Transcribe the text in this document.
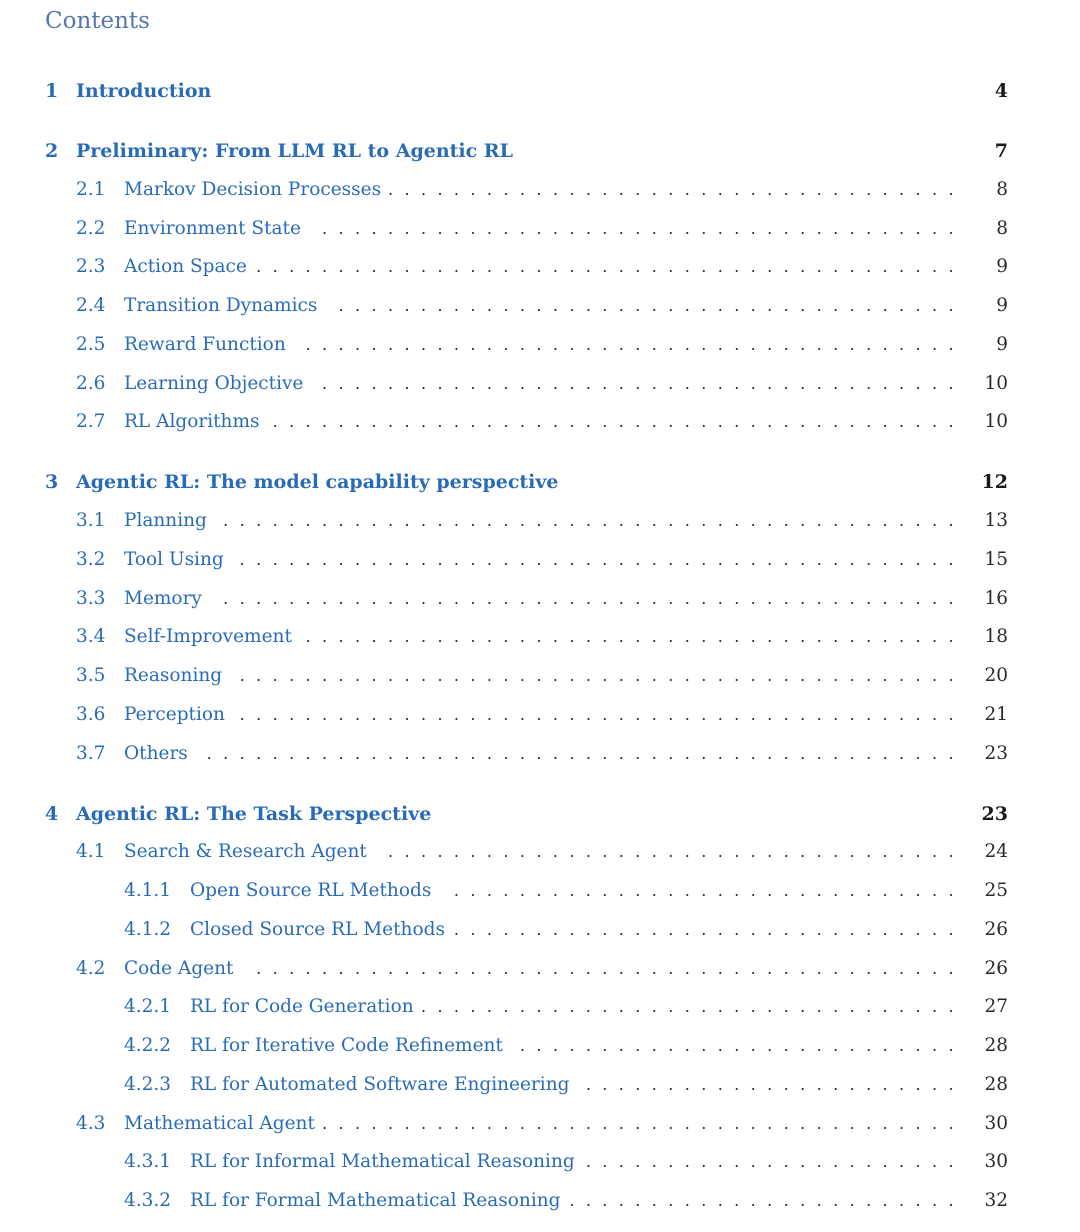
Contents
1 Introduction	4
2 Preliminary: From LLM RL to Agentic RL	7
2.1 Markov Decision Processes	8
...................................
2.2 Environment State	8
.......................................
2.3 Action Space	9
...........................................
2.4 Transition Dynamics	9
......................................
2.5 Reward Function	9
........................................
2.6 Learning Objective	10
.......................................
2.7 RL Algorithms	10
..........................................
3 Agentic RL: The model capability perspective	12
3.1 Planning	13
.............................................
3.2 Tool Using	15
............................................
3.3 Memory	16
.............................................
3.4 Self-Improvement	18
........................................
3.5 Reasoning	20
............................................
3.6 Perception	21
............................................
3.7 Others	23
..............................................
4 Agentic RL: The Task Perspective	23
4.1 Search & Research Agent	24
...................................
4.1.1 Open Source RL Methods	25
...............................
4.1.2 Closed Source RL Methods	26
...............................
4.2 Code Agent	26
...........................................
4.2.1 RL for Code Generation	27
.................................
4.2.2 RL for Iterative Code Refinement	28
...........................
4.2.3 RL for Automated Software Engineering	28
.......................
4.3 Mathematical Agent	30
.......................................
4.3.1 RL for Informal Mathematical Reasoning	30
.......................
4.3.2 RL for Formal Mathematical Reasoning	32
........................
